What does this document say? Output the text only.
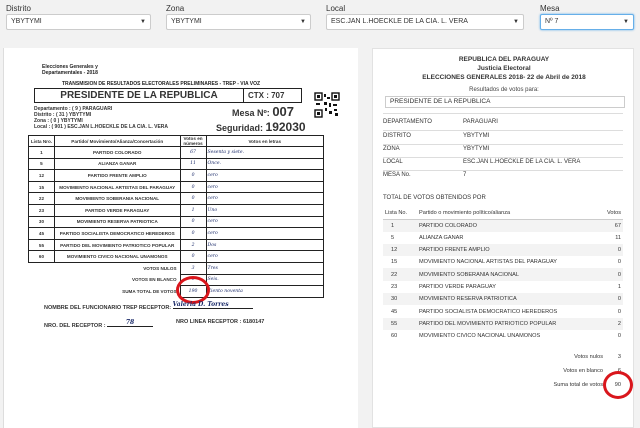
Distrito
YBYTYMI	▼
Zona
YBYTYMI	▼
Local
ESC.JAN L.HOECKLE DE LA CIA. L. VERA	▼
Mesa
Nº 7	▼
Elecciones Generales y Departamentales - 2018
TRANSMISION DE RESULTADOS ELECTORALES PRELIMINARES - TREP - VIA VOZ
PRESIDENTE DE LA REPUBLICA	CTX : 707
Departamento : ( 9 ) PARAGUARI
Distrito : ( 31 ) YBYTYMI
Zona : ( 0 ) YBYTYMI
Local : ( 901 ) ESC.JAN L.HOECKLE DE LA CIA. L. VERA
Mesa Nº: 007
Seguridad: 192030
Lista Nro.	Partido/ Movimiento/Alianza/Concertación	Votos en números	Votos en letras
1	PARTIDO COLORADO	67	Sesenta y siete.
5	ALIANZA GANAR	11	Once.
12	PARTIDO FRENTE AMPLIO	0	cero
15	MOVIMIENTO NACIONAL ARTISTAS DEL PARAGUAY	0	cero
22	MOVIMIENTO SOBERANIA NACIONAL	0	cero
23	PARTIDO VERDE PARAGUAY	1	Uno
30	MOVIMIENTO RESERVA PATRIOTICA	0	cero
45	PARTIDO SOCIALISTA DEMOCRATICO HEREDEROS	0	cero
55	PARTIDO DEL MOVIMIENTO PATRIOTICO POPULAR	2	Dos
60	MOVIMIENTO CIVICO NACIONAL UNAMONOS	0	cero
VOTOS NULOS		3	Tres
VOTOS EN BLANCO		6	Seis.
SUMA TOTAL DE VOTOS		190	Ciento noventa
NOMBRE DEL FUNCIONARIO TREP RECEPTOR: Valeria D. Torres
NRO. DEL RECEPTOR :	78	NRO LINEA RECEPTOR : 6180147
REPUBLICA DEL PARAGUAY
Justicia Electoral
ELECCIONES GENERALES 2018- 22 de Abril de 2018
Resultados de votos para:
PRESIDENTE DE LA REPUBLICA
DEPARTAMENTO	PARAGUARI
DISTRITO	YBYTYMI
ZONA	YBYTYMI
LOCAL	ESC.JAN L.HOECKLE DE LA CIA. L. VERA
MESA No.	7
TOTAL DE VOTOS OBTENIDOS POR
Lista No.	Partido o movimiento político/alianza	Votos
1	PARTIDO COLORADO	67
5	ALIANZA GANAR	11
12	PARTIDO FRENTE AMPLIO	0
15	MOVIMIENTO NACIONAL ARTISTAS DEL PARAGUAY	0
22	MOVIMIENTO SOBERANIA NACIONAL	0
23	PARTIDO VERDE PARAGUAY	1
30	MOVIMIENTO RESERVA PATRIOTICA	0
45	PARTIDO SOCIALISTA DEMOCRATICO HEREDEROS	0
55	PARTIDO DEL MOVIMIENTO PATRIOTICO POPULAR	2
60	MOVIMIENTO CIVICO NACIONAL UNAMONOS	0
Votos nulos	3
Votos en blanco	6
Suma total de votos 90
